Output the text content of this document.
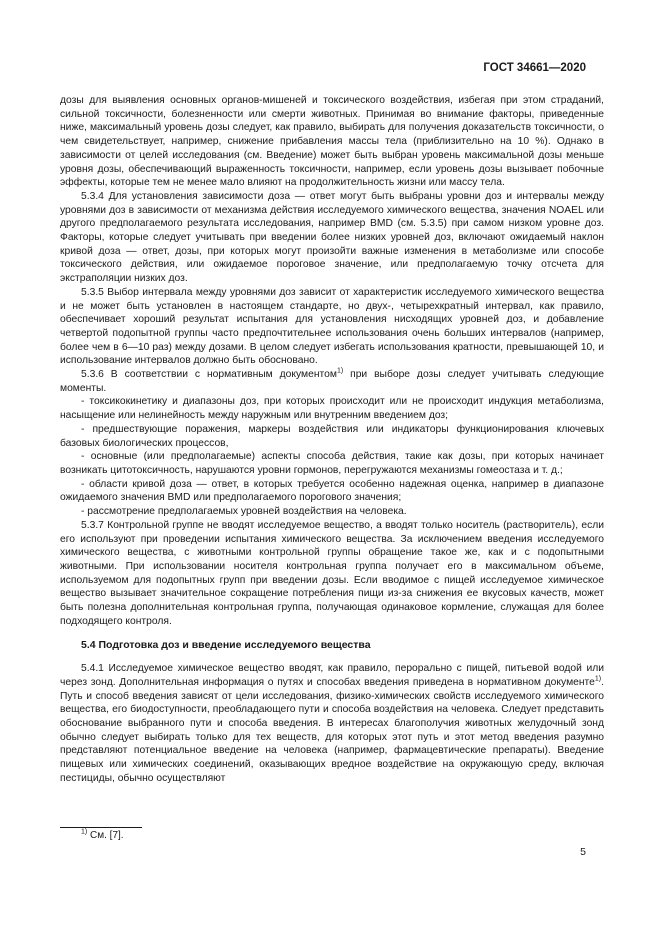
ГОСТ 34661—2020

дозы для выявления основных органов-мишеней и токсического воздействия, избегая при этом страданий, сильной токсичности, болезненности или смерти животных. Принимая во внимание факторы, приведенные ниже, максимальный уровень дозы следует, как правило, выбирать для получения доказательств токсичности, о чем свидетельствует, например, снижение прибавления массы тела (приблизительно на 10 %). Однако в зависимости от целей исследования (см. Введение) может быть выбран уровень максимальной дозы меньше уровня дозы, обеспечивающий выраженность токсичности, например, если уровень дозы вызывает побочные эффекты, которые тем не менее мало влияют на продолжительность жизни или массу тела.

5.3.4 Для установления зависимости доза — ответ могут быть выбраны уровни доз и интервалы между уровнями доз в зависимости от механизма действия исследуемого химического вещества, значения NOAEL или другого предполагаемого результата исследования, например BMD (см. 5.3.5) при самом низком уровне доз. Факторы, которые следует учитывать при введении более низких уровней доз, включают ожидаемый наклон кривой доза — ответ, дозы, при которых могут произойти важные изменения в метаболизме или способе токсического действия, или ожидаемое пороговое значение, или предполагаемую точку отсчета для экстраполяции низких доз.

5.3.5 Выбор интервала между уровнями доз зависит от характеристик исследуемого химического вещества и не может быть установлен в настоящем стандарте, но двух-, четырехкратный интервал, как правило, обеспечивает хороший результат испытания для установления нисходящих уровней доз, и добавление четвертой подопытной группы часто предпочтительнее использования очень больших интервалов (например, более чем в 6—10 раз) между дозами. В целом следует избегать использования кратности, превышающей 10, и использование интервалов должно быть обосновано.

5.3.6 В соответствии с нормативным документом$^{1)}$ при выборе дозы следует учитывать следующие моменты.

- токсикокинетику и диапазоны доз, при которых происходит или не происходит индукция метаболизма, насыщение или нелинейность между наружным или внутренним введением доз;

- предшествующие поражения, маркеры воздействия или индикаторы функционирования ключевых базовых биологических процессов,

- основные (или предполагаемые) аспекты способа действия, такие как дозы, при которых начинает возникать цитотоксичность, нарушаются уровни гормонов, перегружаются механизмы гомеостаза и т. д.;

- области кривой доза — ответ, в которых требуется особенно надежная оценка, например в диапазоне ожидаемого значения BMD или предполагаемого порогового значения;

- рассмотрение предполагаемых уровней воздействия на человека.

5.3.7 Контрольной группе не вводят исследуемое вещество, а вводят только носитель (растворитель), если его используют при проведении испытания химического вещества. За исключением введения исследуемого химического вещества, с животными контрольной группы обращение такое же, как и с подопытными животными. При использовании носителя контрольная группа получает его в максимальном объеме, используемом для подопытных групп при введении дозы. Если вводимое с пищей исследуемое химическое вещество вызывает значительное сокращение потребления пищи из-за снижения ее вкусовых качеств, может быть полезна дополнительная контрольная группа, получающая одинаковое кормление, служащая для более подходящего контроля.

5.4 Подготовка доз и введение исследуемого вещества

5.4.1 Исследуемое химическое вещество вводят, как правило, перорально с пищей, питьевой водой или через зонд. Дополнительная информация о путях и способах введения приведена в нормативном документе$^{1)}$. Путь и способ введения зависят от цели исследования, физико-химических свойств исследуемого химического вещества, его биодоступности, преобладающего пути и способа воздействия на человека. Следует представить обоснование выбранного пути и способа введения. В интересах благополучия животных желудочный зонд обычно следует выбирать только для тех веществ, для которых этот путь и этот метод введения разумно представляют потенциальное введение на человека (например, фармацевтические препараты). Введение пищевых или химических соединений, оказывающих вредное воздействие на окружающую среду, включая пестициды, обычно осуществляют

$^{1)}$ См. [7].
5
